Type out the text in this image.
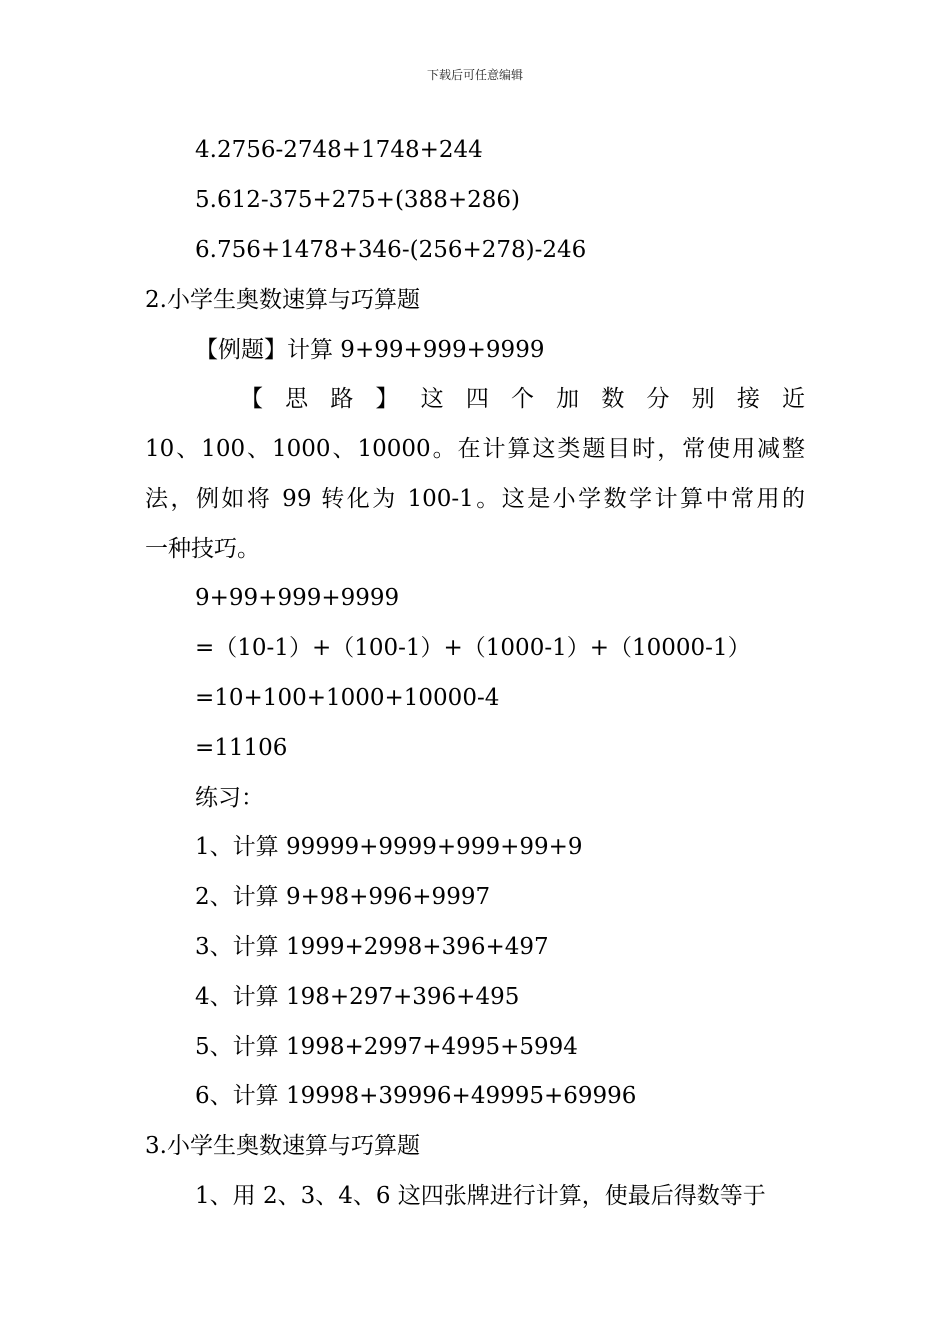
下载后可任意编辑
4.2756-2748+1748+244
5.612-375+275+(388+286)
6.756+1478+346-(256+278)-246
2.小学生奥数速算与巧算题
【例题】计算 9+99+999+9999
【 思 路 】 这 四 个 加 数 分 别 接 近
10、100、1000、10000。在计算这类题目时，常使用减整
法，例如将 99 转化为 100-1。这是小学数学计算中常用的
一种技巧。
9+99+999+9999
=（10-1）+（100-1）+（1000-1）+（10000-1）
=10+100+1000+10000-4
=11106
练习：
1、计算 99999+9999+999+99+9
2、计算 9+98+996+9997
3、计算 1999+2998+396+497
4、计算 198+297+396+495
5、计算 1998+2997+4995+5994
6、计算 19998+39996+49995+69996
3.小学生奥数速算与巧算题
1、用 2、3、4、6 这四张牌进行计算，使最后得数等于
